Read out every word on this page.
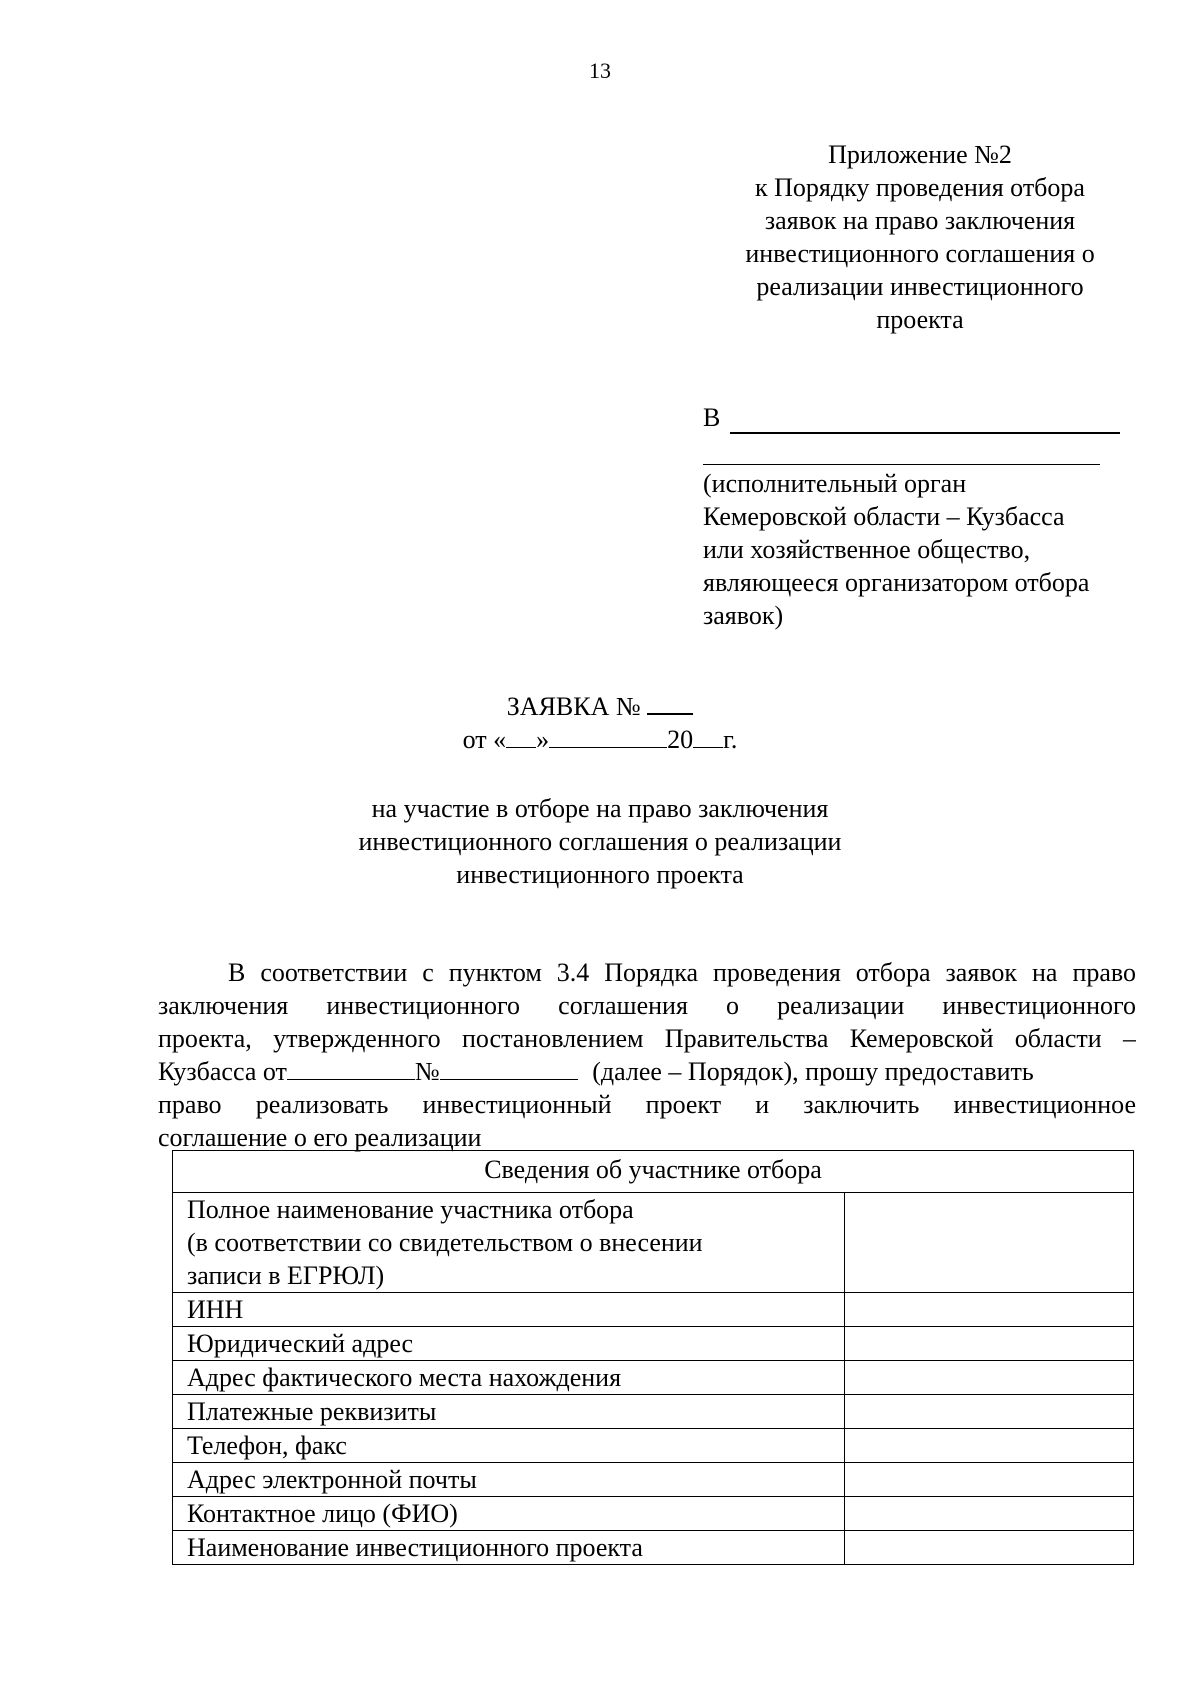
13
Приложение №2
к Порядку проведения отбора
заявок на право заключения
инвестиционного соглашения о
реализации инвестиционного
проекта
В
(исполнительный орган
Кемеровской области – Кузбасса
или хозяйственное общество,
являющееся организатором отбора
заявок)
ЗАЯВКА №
от « »	20 г.
на участие в отборе на право заключения
инвестиционного соглашения о реализации
инвестиционного проекта
В соответствии с пунктом 3.4 Порядка проведения отбора заявок на право
заключения инвестиционного соглашения о реализации инвестиционного
проекта, утвержденного постановлением Правительства Кемеровской области –
Кузбасса от	№	(далее – Порядок), прошу предоставить
право реализовать инвестиционный проект и заключить инвестиционное
соглашение о его реализации
Сведения об участнике отбора	

Полное наименование участника отбора
(в соответствии со свидетельством о внесении
записи в ЕГРЮЛ)	

ИНН	
Юридический адрес	
Адрес фактического места нахождения	
Платежные реквизиты	
Телефон, факс	
Адрес электронной почты	
Контактное лицо (ФИО)	
Наименование инвестиционного проекта	
